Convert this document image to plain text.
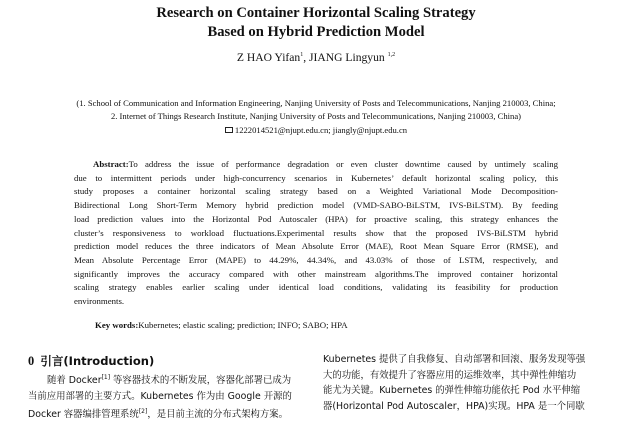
Research on Container Horizontal Scaling Strategy
Based on Hybrid Prediction Model
Z HAO Yifan$^1$, JIANG Lingyun $^{1,2}$
(1. School of Communication and Information Engineering, Nanjing University of Posts and Telecommunications, Nanjing 210003, China;
2. Internet of Things Research Institute, Nanjing University of Posts and Telecommunications, Nanjing 210003, China)
1222014521@njupt.edu.cn; jiangly@njupt.edu.cn
Abstract:To address the issue of performance degradation or even cluster downtime caused by untimely scaling
due to intermittent periods under high-concurrency scenarios in Kubernetes’ default horizontal scaling policy, this
study proposes a container horizontal scaling strategy based on a Weighted Variational Mode Decomposition-
Bidirectional Long Short-Term Memory hybrid prediction model (VMD-SABO-BiLSTM, IVS-BiLSTM). By feeding
load prediction values into the Horizontal Pod Autoscaler (HPA) for proactive scaling, this strategy enhances the
cluster’s responsiveness to workload fluctuations.Experimental results show that the proposed IVS-BiLSTM hybrid
prediction model reduces the three indicators of Mean Absolute Error (MAE), Root Mean Square Error (RMSE), and
Mean Absolute Percentage Error (MAPE) to 44.29%, 44.34%, and 43.03% of those of LSTM, respectively, and
significantly improves the accuracy compared with other mainstream algorithms.The improved container horizontal
scaling strategy enables earlier scaling under identical load conditions, validating its feasibility for production
environments.
Key words:Kubernetes; elastic scaling; prediction; INFO; SABO; HPA
0 引言(Introduction)
随着 Docker[1] 等容器技术的不断发展，容器化部署已成为
当前应用部署的主要方式。Kubernetes 作为由 Google 开源的
Docker 容器编排管理系统[2]，是目前主流的分布式架构方案。
Kubernetes 提供了自我修复、自动部署和回滚、服务发现等强
大的功能，有效提升了容器应用的运维效率，其中弹性伸缩功
能尤为关键。Kubernetes 的弹性伸缩功能依托 Pod 水平伸缩
器(Horizontal Pod Autoscaler，HPA)实现。HPA 是一个同歇
